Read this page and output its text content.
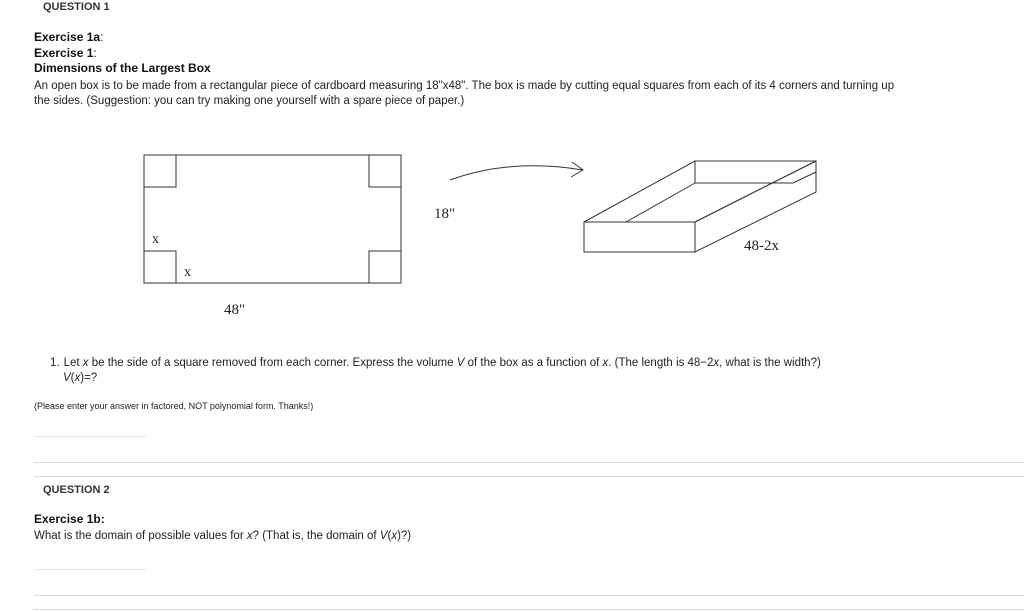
QUESTION 1
Exercise 1a:
Exercise 1:
Dimensions of the Largest Box
An open box is to be made from a rectangular piece of cardboard measuring 18"x48". The box is made by cutting equal squares from each of its 4 corners and turning up
the sides. (Suggestion: you can try making one yourself with a spare piece of paper.)
x
x
48"
18"
48-2x
1. Let x be the side of a square removed from each corner. Express the volume V of the box as a function of x. (The length is 48−2x, what is the width?)
V(x)=?
(Please enter your answer in factored, NOT polynomial form. Thanks!)
QUESTION 2
Exercise 1b:
What is the domain of possible values for x? (That is, the domain of V(x)?)
